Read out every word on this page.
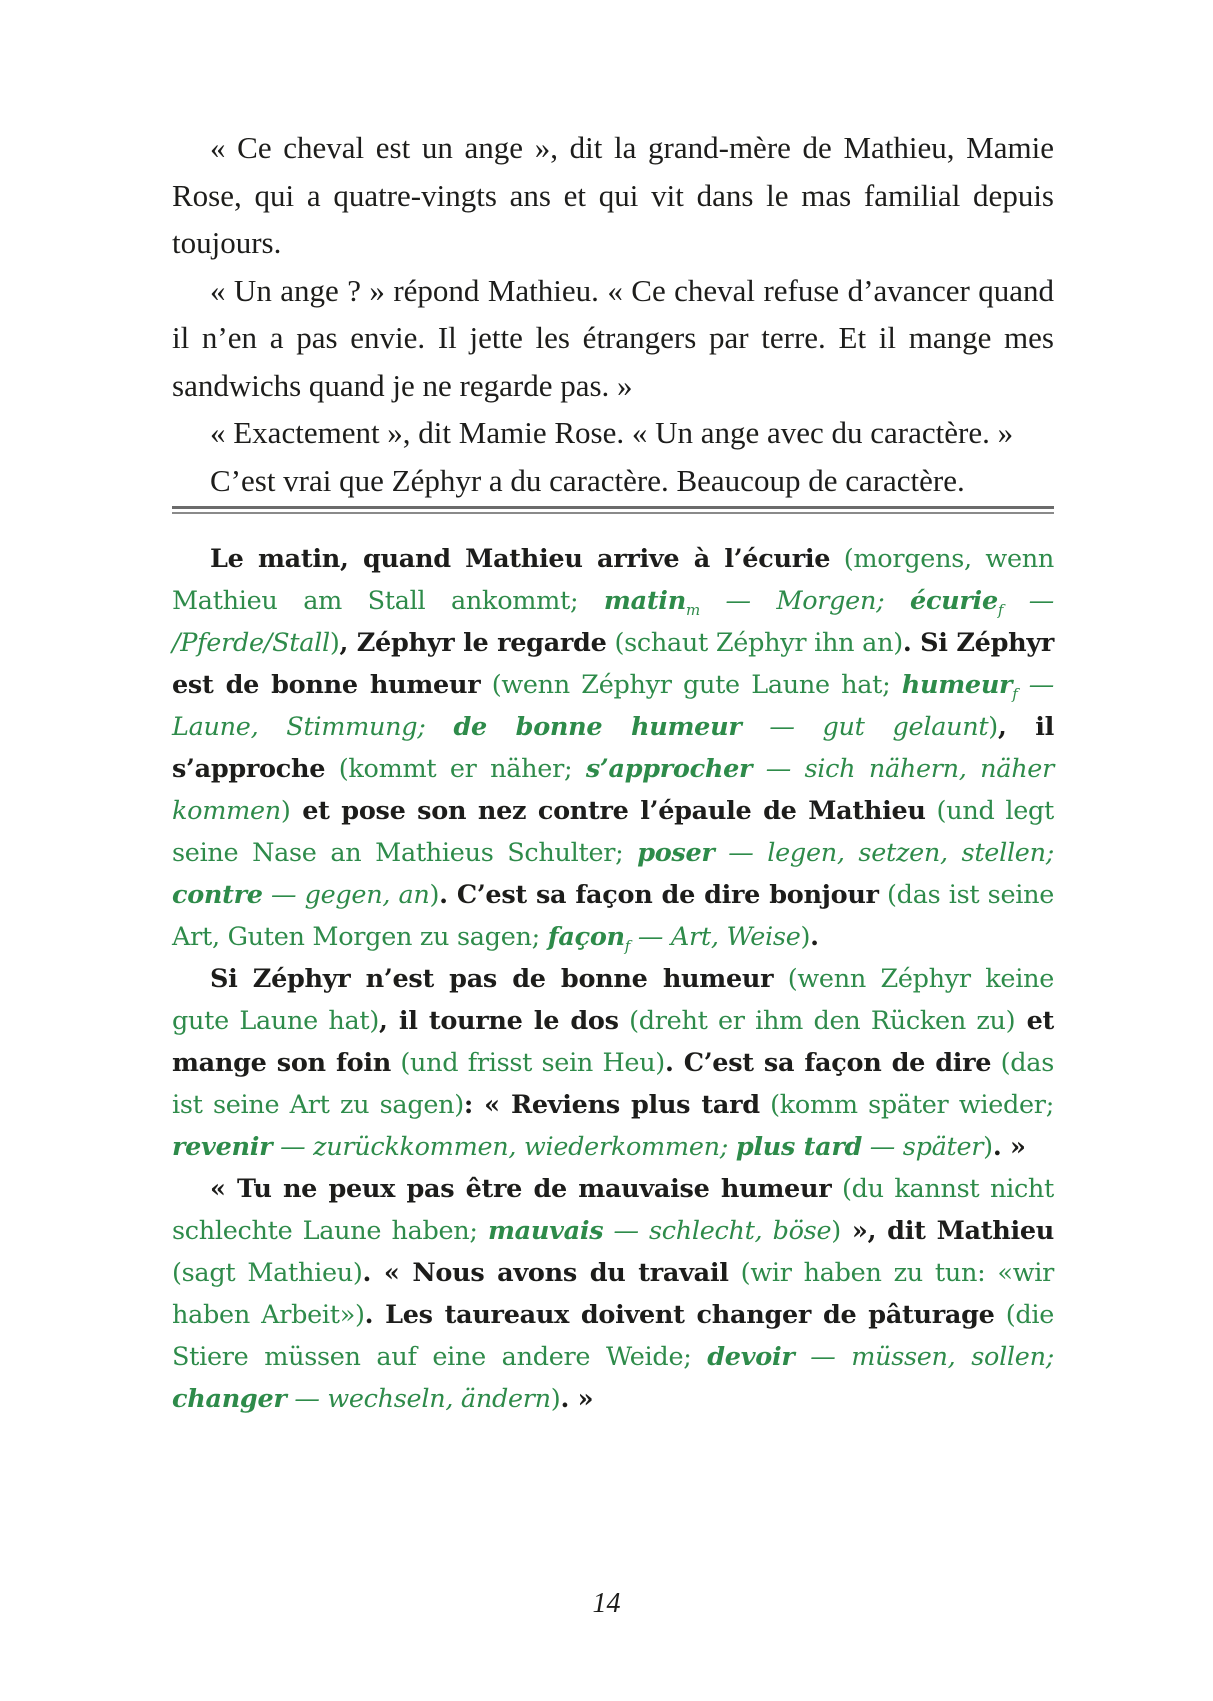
« Ce cheval est un ange », dit la grand-mère de Mathieu, Mamie Rose, qui a quatre-vingts ans et qui vit dans le mas familial depuis toujours.

« Un ange ? » répond Mathieu. « Ce cheval refuse d’avancer quand il n’en a pas envie. Il jette les étrangers par terre. Et il mange mes sandwichs quand je ne regarde pas. »

« Exactement », dit Mamie Rose. « Un ange avec du caractère. »

C’est vrai que Zéphyr a du caractère. Beaucoup de caractère.

Le matin, quand Mathieu arrive à l’écurie (morgens, wenn Mathieu am Stall ankommt; matin$_m$ — Morgen; écurie$_f$ — /Pferde/Stall), Zéphyr le regarde (schaut Zéphyr ihn an). Si Zéphyr est de bonne humeur (wenn Zéphyr gute Laune hat; humeur$_f$ — Laune, Stimmung; de bonne humeur — gut gelaunt), il s’approche (kommt er näher; s’approcher — sich nähern, näher kommen) et pose son nez contre l’épaule de Mathieu (und legt seine Nase an Mathieus Schulter; poser — legen, setzen, stellen; contre — gegen, an). C’est sa façon de dire bonjour (das ist seine Art, Guten Morgen zu sagen; façon$_f$ — Art, Weise).

Si Zéphyr n’est pas de bonne humeur (wenn Zéphyr keine gute Laune hat), il tourne le dos (dreht er ihm den Rücken zu) et mange son foin (und frisst sein Heu). C’est sa façon de dire (das ist seine Art zu sagen): « Reviens plus tard (komm später wieder; revenir — zurückkommen, wiederkommen; plus tard — später). »

« Tu ne peux pas être de mauvaise humeur (du kannst nicht schlechte Laune haben; mauvais — schlecht, böse) », dit Mathieu (sagt Mathieu). « Nous avons du travail (wir haben zu tun: «wir haben Arbeit»). Les taureaux doivent changer de pâturage (die Stiere müssen auf eine andere Weide; devoir — müssen, sollen; changer — wechseln, ändern). »

14
